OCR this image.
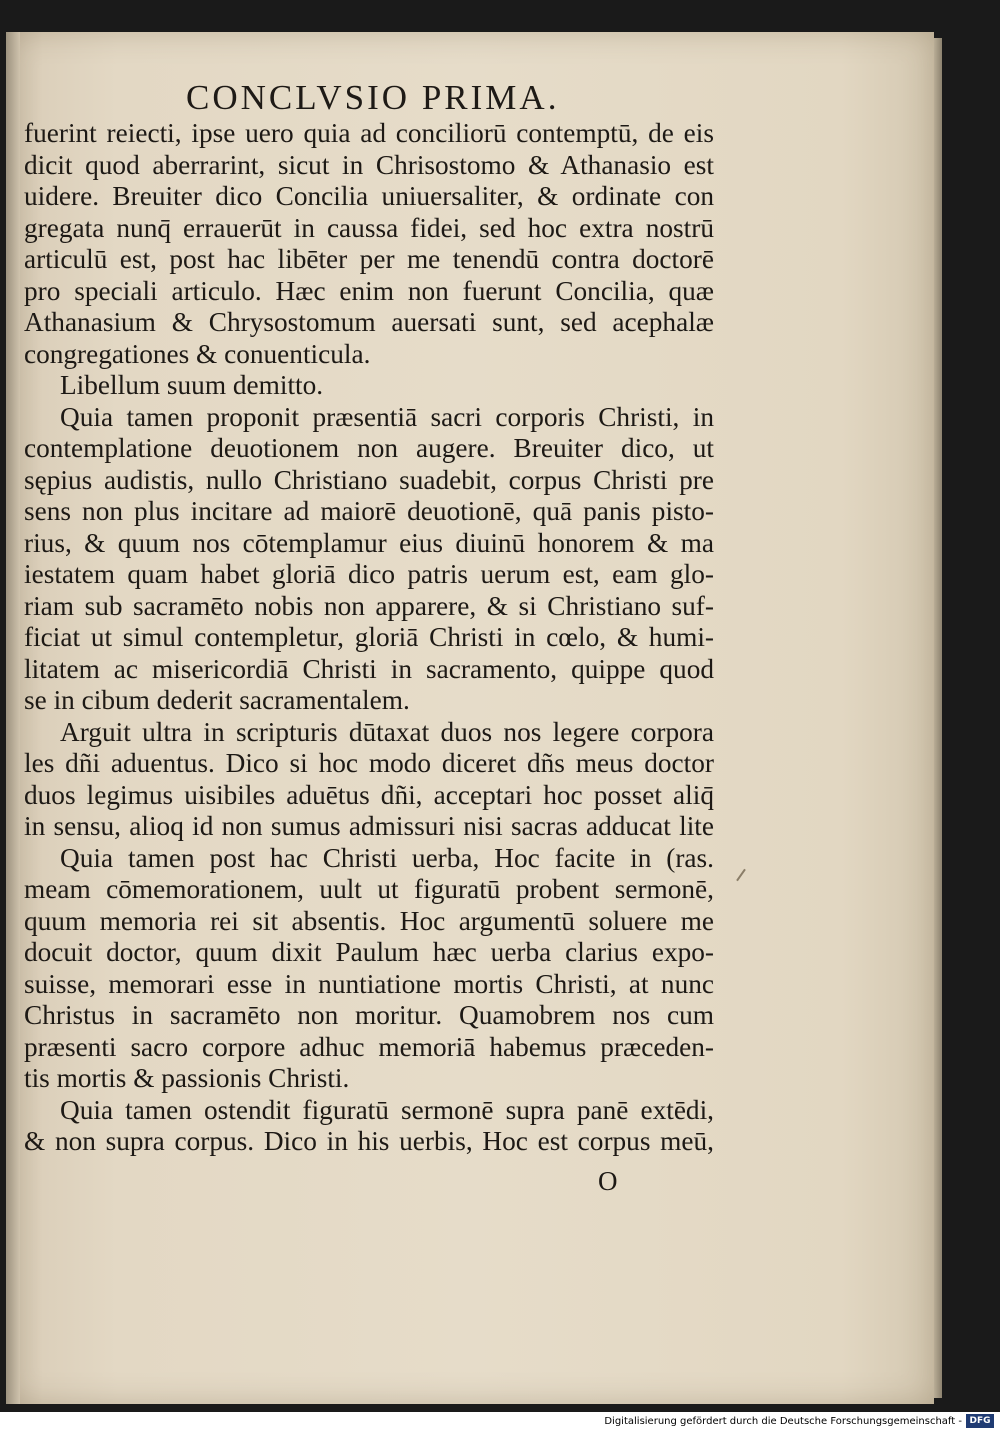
CONCLVSIO PRIMA.
fuerint reiecti, ipse uero quia ad conciliorū contemptū, de eis
dicit quod aberrarint, sicut in Chrisostomo & Athanasio est
uidere. Breuiter dico Concilia uniuersaliter, & ordinate con
gregata nunq̄ errauerūt in caussa fidei, sed hoc extra nostrū
articulū est, post hac libēter per me tenendū contra doctorē
pro speciali articulo. Hæc enim non fuerunt Concilia, quæ
Athanasium & Chrysostomum auersati sunt, sed acephalæ
congregationes & conuenticula.
Libellum suum demitto.
Quia tamen proponit præsentiā sacri corporis Christi, in
contemplatione deuotionem non augere. Breuiter dico, ut
sępius audistis, nullo Christiano suadebit, corpus Christi pre
sens non plus incitare ad maiorē deuotionē, quā panis pisto-
rius, & quum nos cōtemplamur eius diuinū honorem & ma
iestatem quam habet gloriā dico patris uerum est, eam glo-
riam sub sacramēto nobis non apparere, & si Christiano suf-
ficiat ut simul contempletur, gloriā Christi in cœlo, & humi-
litatem ac misericordiā Christi in sacramento, quippe quod
se in cibum dederit sacramentalem.
Arguit ultra in scripturis dūtaxat duos nos legere corpora
les dñi aduentus. Dico si hoc modo diceret dñs meus doctor
duos legimus uisibiles aduētus dñi, acceptari hoc posset aliq̄
in sensu, alioq id non sumus admissuri nisi sacras adducat lite
Quia tamen post hac Christi uerba, Hoc facite in (ras.
meam cōmemorationem, uult ut figuratū probent sermonē,
quum memoria rei sit absentis. Hoc argumentū soluere me
docuit doctor, quum dixit Paulum hæc uerba clarius expo-
suisse, memorari esse in nuntiatione mortis Christi, at nunc
Christus in sacramēto non moritur. Quamobrem nos cum
præsenti sacro corpore adhuc memoriā habemus præceden-
tis mortis & passionis Christi.
Quia tamen ostendit figuratū sermonē supra panē extēdi,
& non supra corpus. Dico in his uerbis, Hoc est corpus meū,
O
Digitalisierung gefördert durch die Deutsche Forschungsgemeinschaft - DFG
